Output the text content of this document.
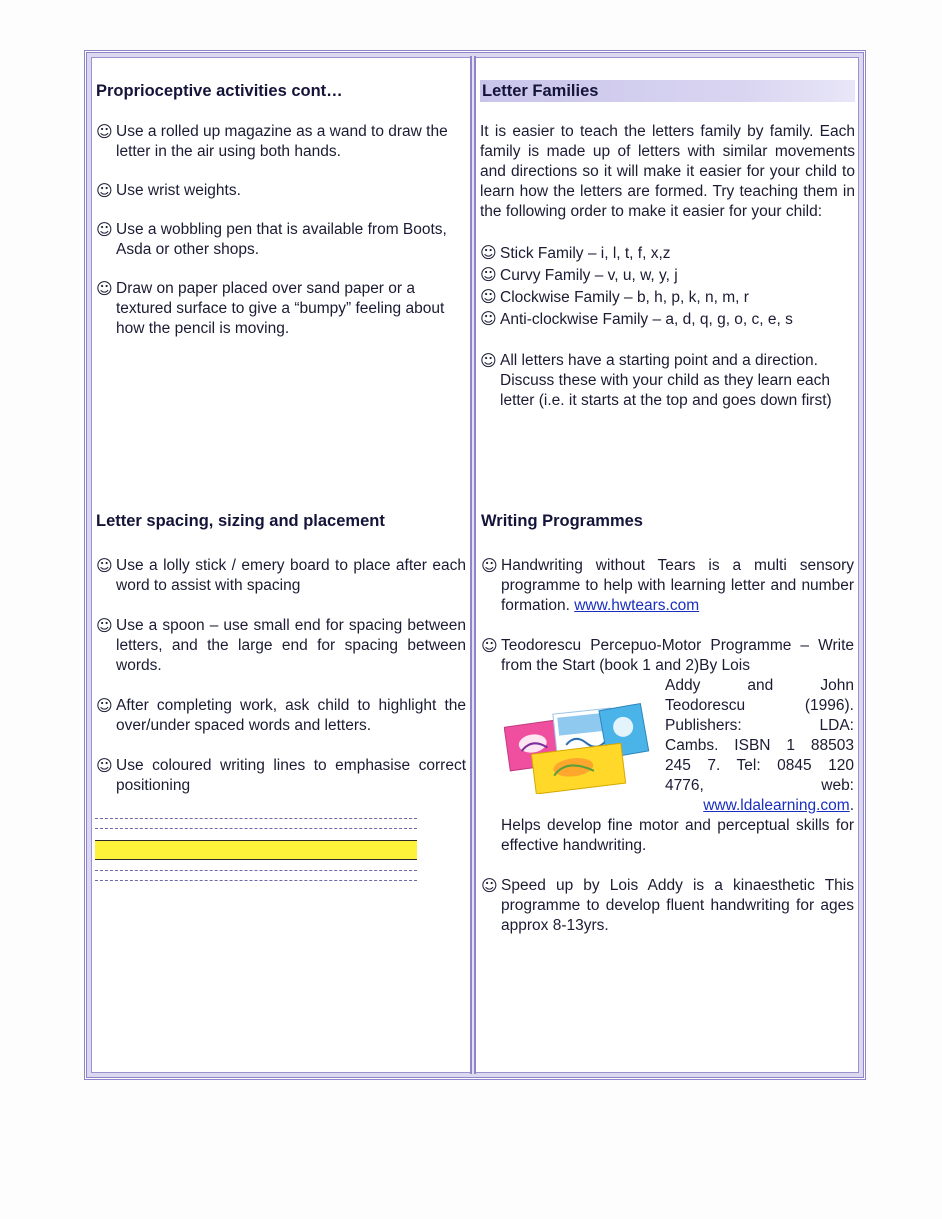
Proprioceptive activities cont…
☺ Use a rolled up magazine as a wand to draw the letter in the air using both hands.
☺ Use wrist weights.
☺ Use a wobbling pen that is available from Boots, Asda or other shops.
☺ Draw on paper placed over sand paper or a textured surface to give a “bumpy” feeling about how the pencil is moving.
Letter Families

It is easier to teach the letters family by family. Each family is made up of letters with similar movements and directions so it will make it easier for your child to learn how the letters are formed. Try teaching them in the following order to make it easier for your child:

☺ Stick Family – i, l, t, f, x,z
☺ Curvy Family – v, u, w, y, j
☺ Clockwise Family – b, h, p, k, n, m, r
☺ Anti-clockwise Family – a, d, q, g, o, c, e, s
☺ All letters have a starting point and a direction. Discuss these with your child as they learn each letter (i.e. it starts at the top and goes down first)
Letter spacing, sizing and placement
☺ Use a lolly stick / emery board to place after each word to assist with spacing
☺ Use a spoon – use small end for spacing between letters, and the large end for spacing between words.
☺ After completing work, ask child to highlight the over/under spaced words and letters.
☺ Use coloured writing lines to emphasise correct positioning
Writing Programmes
☺ Handwriting without Tears is a multi sensory programme to help with learning letter and number formation. www.hwtears.com
☺ Teodorescu Percepuo-Motor Programme – Write from the Start (book 1 and 2)By Lois
Addy and John
Teodorescu (1996).
Publishers: LDA:
Cambs. ISBN 1 88503
245 7. Tel: 0845 120
4776, web:
www.ldalearning.com.
Helps develop fine motor and perceptual skills for effective handwriting.
☺ Speed up by Lois Addy is a kinaesthetic This programme to develop fluent handwriting for ages approx 8-13yrs.
